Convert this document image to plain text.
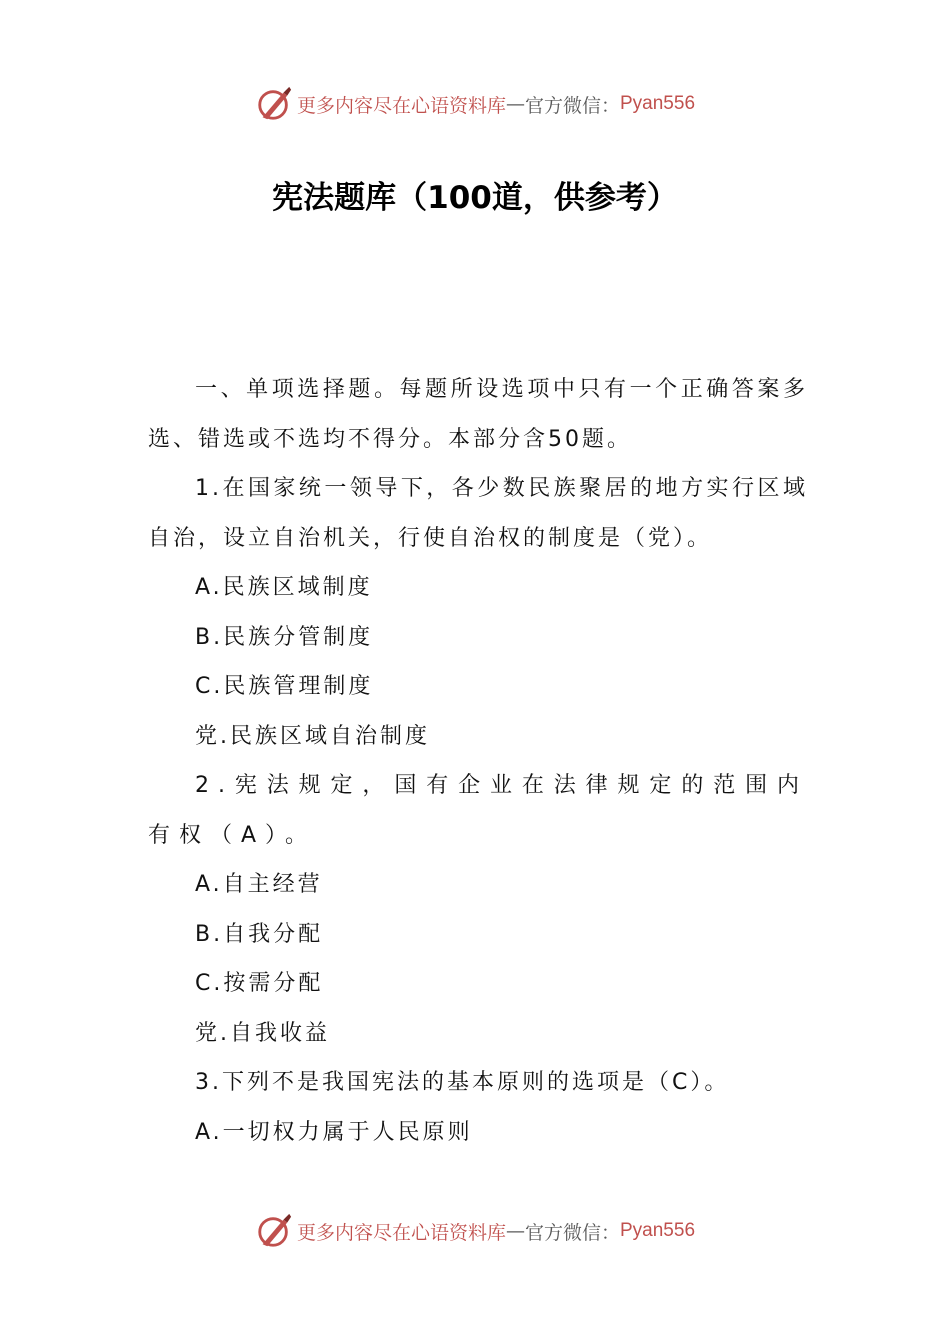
更多内容尽在心语资料库 — 官方微信： Pyan556
宪法题库（100道，供参考）

一、单项选择题。每题所设选项中只有一个正确答案多选、错选或不选均不得分。本部分含50题。

1.在国家统一领导下，各少数民族聚居的地方实行区域自治，设立自治机关，行使自治权的制度是（党）。

A.民族区域制度

B.民族分管制度

C.民族管理制度

党.民族区域自治制度

2.宪法规定，国有企业在法律规定的范围内有权（A）。

A.自主经营

B.自我分配

C.按需分配

党.自我收益

3.下列不是我国宪法的基本原则的选项是（C）。

A.一切权力属于人民原则

更多内容尽在心语资料库 — 官方微信： Pyan556
